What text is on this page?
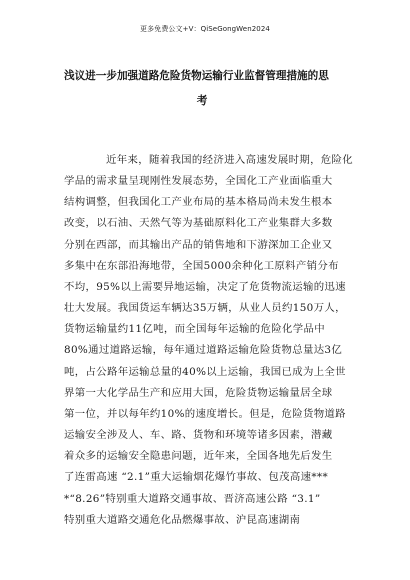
更多免费公文+V：QiSeGongWen2024
浅议进一步加强道路危险货物运输行业监督管理措施的思
考
近年来，随着我国的经济进入高速发展时期，危险化
学品的需求量呈现刚性发展态势，全国化工产业面临重大
结构调整，但我国化工产业布局的基本格局尚未发生根本
改变，以石油、天然气等为基础原料化工产业集群大多数
分别在西部，而其输出产品的销售地和下游深加工企业又
多集中在东部沿海地带，全国5000余种化工原料产销分布
不均，95%以上需要异地运输，决定了危货物流运输的迅速
壮大发展。我国货运车辆达35万辆，从业人员约150万人，
货物运输量约11亿吨，而全国每年运输的危险化学品中
80%通过道路运输，每年通过道路运输危险货物总量达3亿
吨，占公路年运输总量的40%以上运输，我国已成为上全世
界第一大化学品生产和应用大国，危险货物运输量居全球
第一位，并以每年约10%的速度增长。但是，危险货物道路
运输安全涉及人、车、路、货物和环境等诸多因素，潜藏
着众多的运输安全隐患问题，近年来，全国各地先后发生
了连雷高速 “2.1”重大运输烟花爆竹事故、包茂高速***
*“8.26”特别重大道路交通事故、晋济高速公路 “3.1”
特别重大道路交通危化品燃爆事故、沪昆高速湖南
